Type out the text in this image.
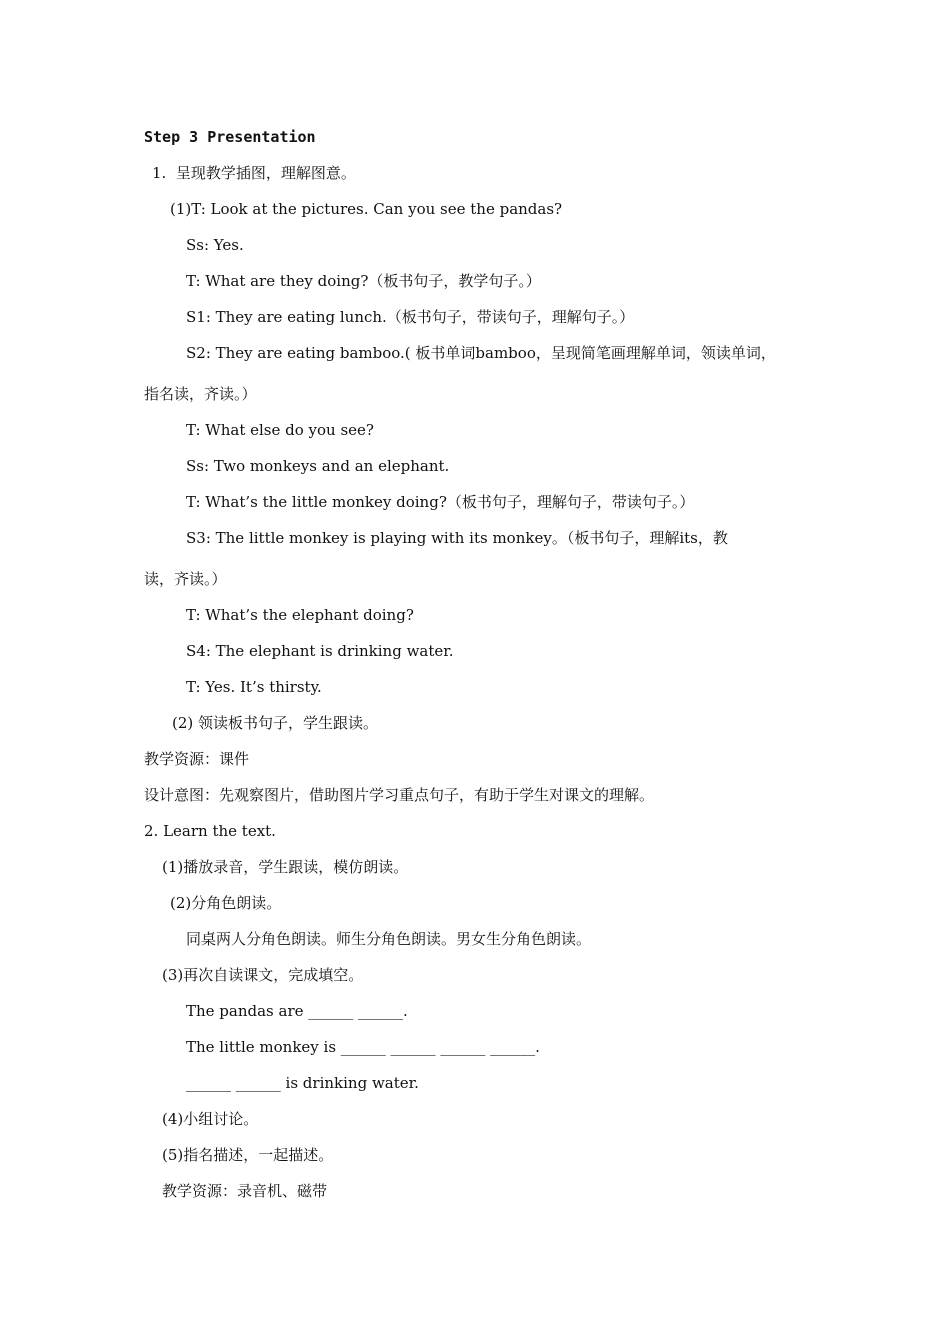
Step 3 Presentation
1.  呈现教学插图，理解图意。
(1)T: Look at the pictures. Can you see the pandas?
Ss: Yes.
T: What are they doing?（板书句子，教学句子。）
S1: They are eating lunch.（板书句子，带读句子，理解句子。）
S2: They are eating bamboo.( 板书单词bamboo，呈现简笔画理解单词，领读单词，
指名读，齐读。）
T: What else do you see?
Ss: Two monkeys and an elephant.
T: What’s the little monkey doing?（板书句子，理解句子，带读句子。）
S3: The little monkey is playing with its monkey。（板书句子，理解its，教
读，齐读。）
T: What’s the elephant doing?
S4: The elephant is drinking water.
T: Yes. It’s thirsty.
(2) 领读板书句子，学生跟读。
教学资源：课件
设计意图：先观察图片，借助图片学习重点句子，有助于学生对课文的理解。
2. Learn the text.
(1)播放录音，学生跟读，模仿朗读。
(2)分角色朗读。
同桌两人分角色朗读。师生分角色朗读。男女生分角色朗读。
(3)再次自读课文，完成填空。
The pandas are ______ ______.
The little monkey is ______ ______ ______ ______.
______ ______ is drinking water.
(4)小组讨论。
(5)指名描述，一起描述。
教学资源：录音机、磁带
